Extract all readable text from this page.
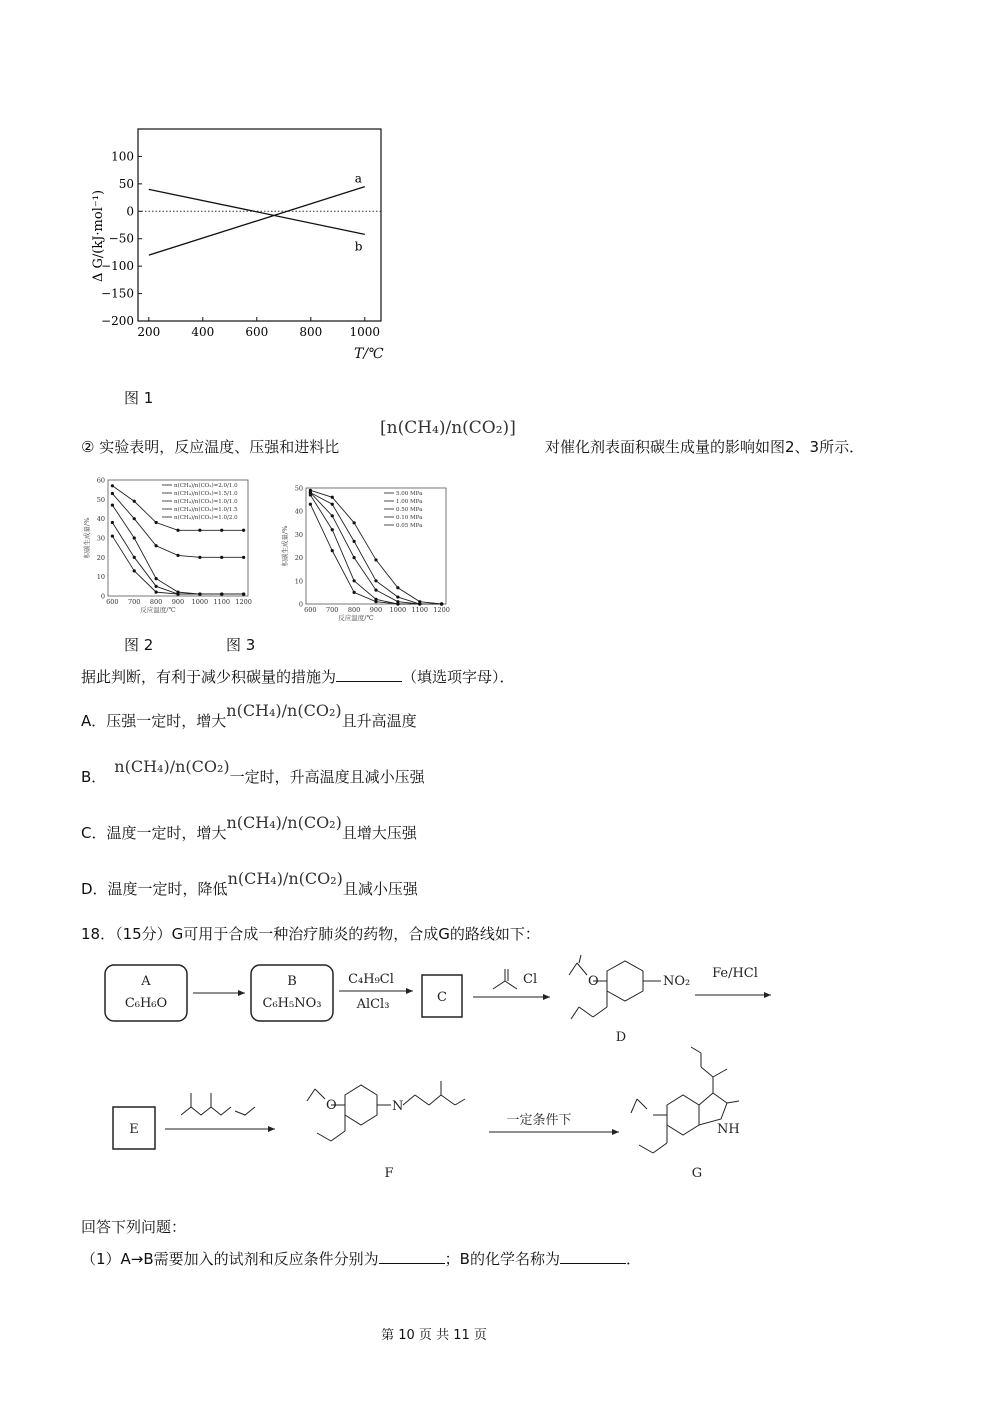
100
50
0
−50
−100
−150
−200
200	400	600	800 1000
a
b
Δ G/(kJ·mol⁻¹)
T/℃
图 1
② 实验表明，反应温度、压强和进料比
[n(CH₄)/n(CO₂)]
对催化剂表面积碳生成量的影响如图2、3所示．
0
10
20
30
40
50
60
600 700 800 900 1000 1100 1200
积碳生成量/%
反应温度/℃
n(CH₄)/n(CO₂)=2.0/1.0
n(CH₄)/n(CO₂)=1.5/1.0
n(CH₄)/n(CO₂)=1.0/1.0
n(CH₄)/n(CO₂)=1.0/1.5
n(CH₄)/n(CO₂)=1.0/2.0
0
10
20
30
40
50
600 700 800 900 1000 1100 1200
积碳生成量/%
反应温度/℃
5.00 MPa
1.00 MPa
0.50 MPa
0.10 MPa
0.05 MPa
图 2	图 3
据此判断，有利于减少积碳量的措施为	（填选项字母）．
A．压强一定时，增大n(CH₄)/n(CO₂)且升高温度
B．n(CH₄)/n(CO₂)一定时，升高温度且减小压强
C．温度一定时，增大n(CH₄)/n(CO₂)且增大压强
D．温度一定时，降低n(CH₄)/n(CO₂)且减小压强
18．（15分）G可用于合成一种治疗肺炎的药物，合成G的路线如下：
A
C₆H₆O
B
C₆H₅NO₃
C₄H₉Cl
AlCl₃	C
Cl	O	NO₂
D
Fe/HCl
E
O	N
F
一定条件下
NH
G
回答下列问题：
（1）A→B需要加入的试剂和反应条件分别为	；B的化学名称为	．
第 10 页 共 11 页
